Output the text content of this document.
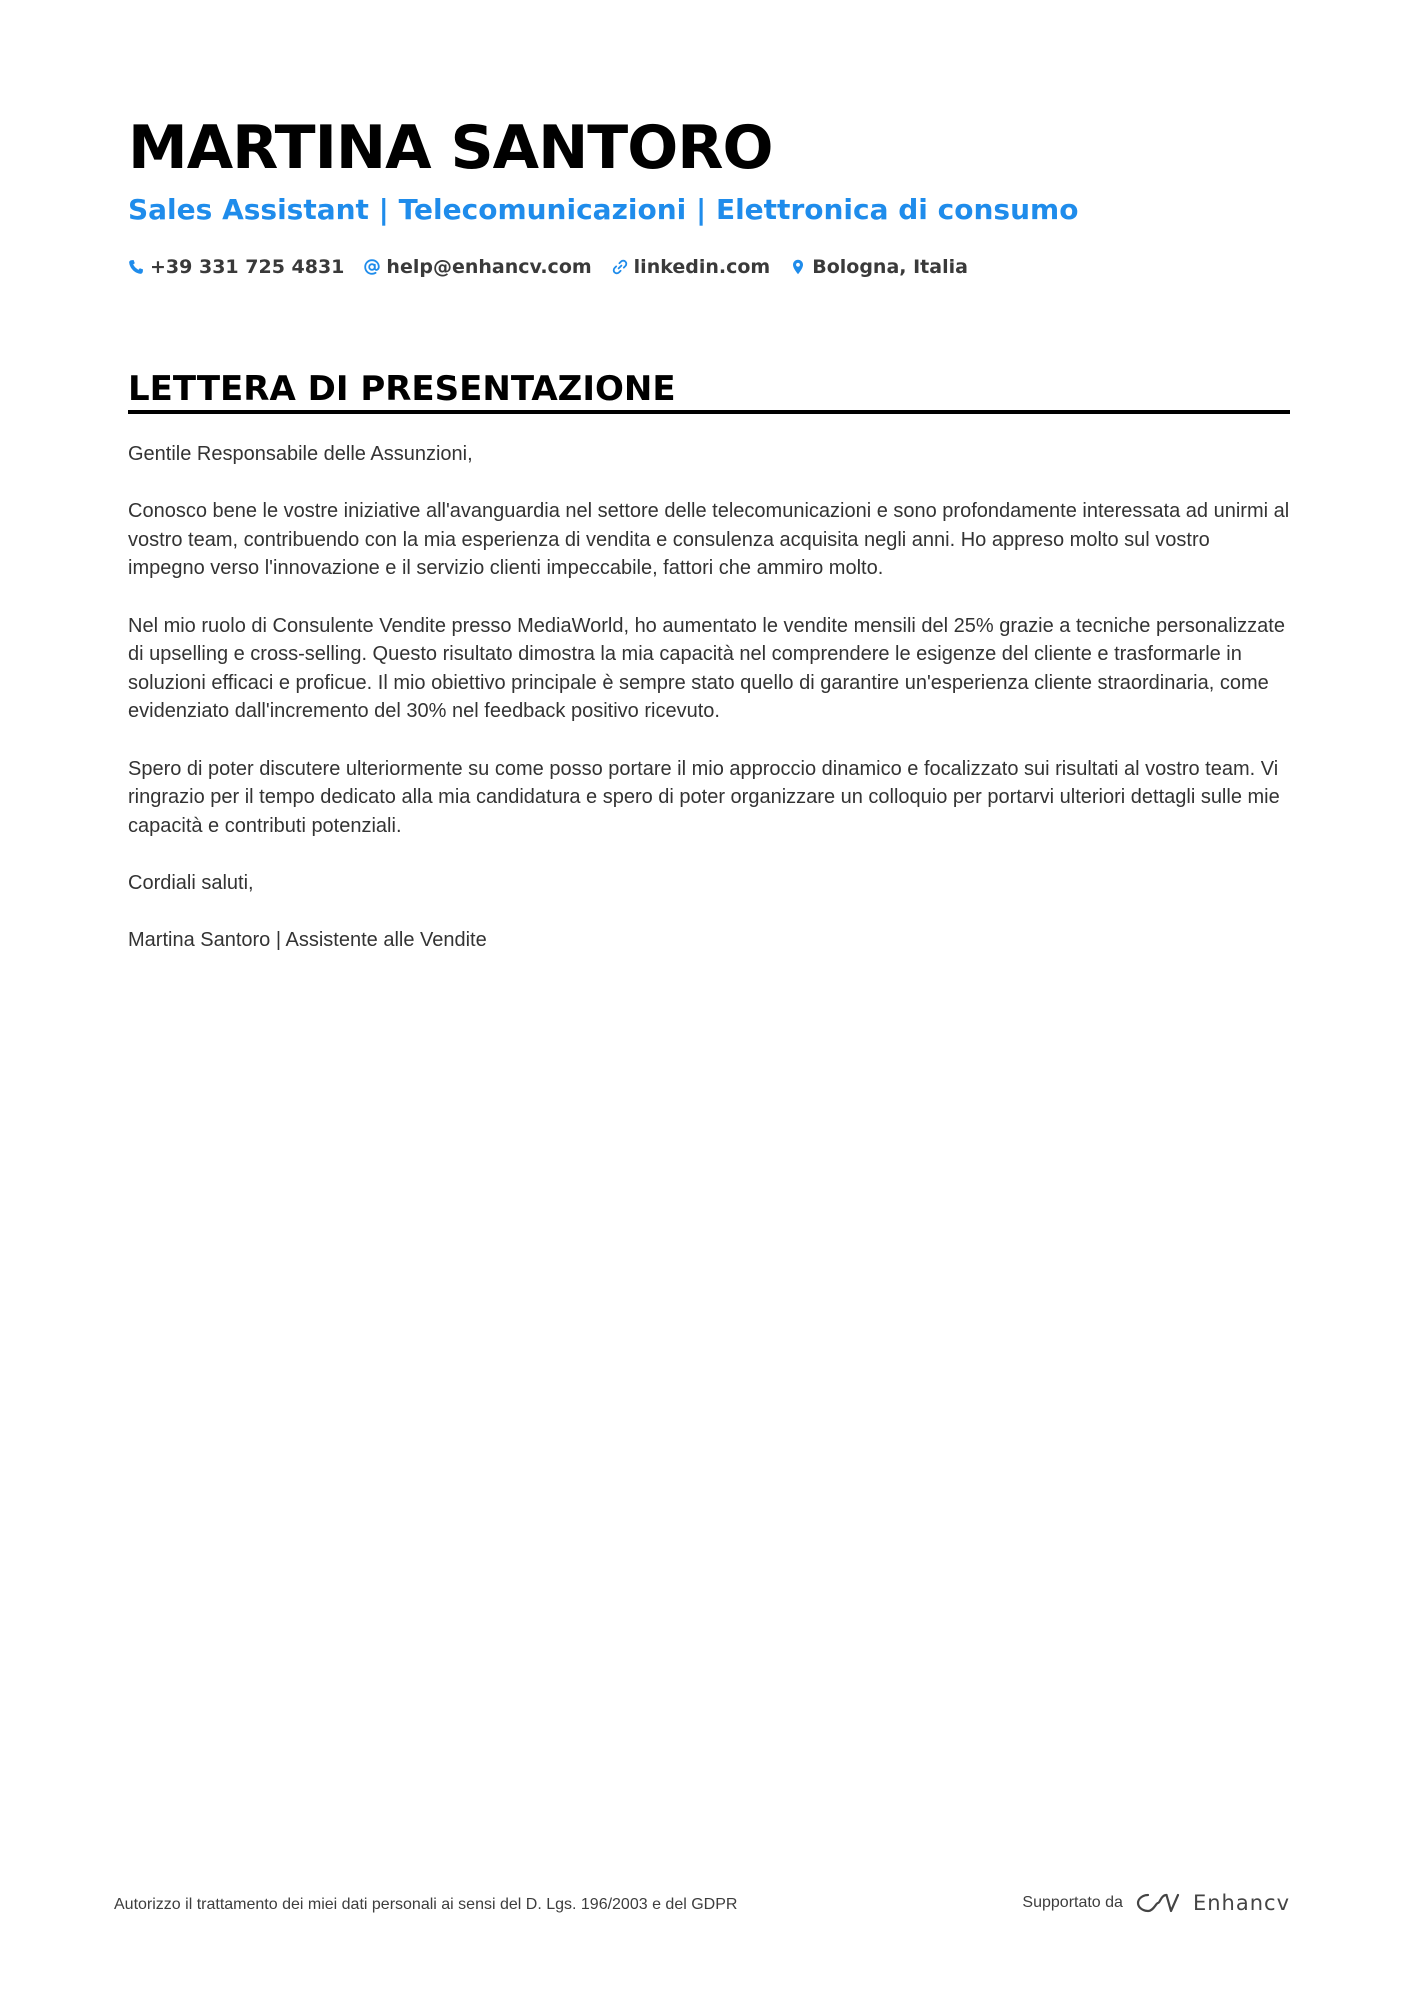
MARTINA SANTORO
Sales Assistant | Telecomunicazioni | Elettronica di consumo
+39 331 725 4831 help@enhancv.com linkedin.com Bologna, Italia
LETTERA DI PRESENTAZIONE

Gentile Responsabile delle Assunzioni,

Conosco bene le vostre iniziative all'avanguardia nel settore delle telecomunicazioni e sono profondamente interessata ad unirmi al vostro team, contribuendo con la mia esperienza di vendita e consulenza acquisita negli anni. Ho appreso molto sul vostro impegno verso l'innovazione e il servizio clienti impeccabile, fattori che ammiro molto.

Nel mio ruolo di Consulente Vendite presso MediaWorld, ho aumentato le vendite mensili del 25% grazie a tecniche personalizzate di upselling e cross-selling. Questo risultato dimostra la mia capacità nel comprendere le esigenze del cliente e trasformarle in soluzioni efficaci e proficue. Il mio obiettivo principale è sempre stato quello di garantire un'esperienza cliente straordinaria, come evidenziato dall'incremento del 30% nel feedback positivo ricevuto.

Spero di poter discutere ulteriormente su come posso portare il mio approccio dinamico e focalizzato sui risultati al vostro team. Vi ringrazio per il tempo dedicato alla mia candidatura e spero di poter organizzare un colloquio per portarvi ulteriori dettagli sulle mie capacità e contributi potenziali.

Cordiali saluti,

Martina Santoro | Assistente alle Vendite

Autorizzo il trattamento dei miei dati personali ai sensi del D. Lgs. 196/2003 e del GDPR	Supportato da	Enhancv
